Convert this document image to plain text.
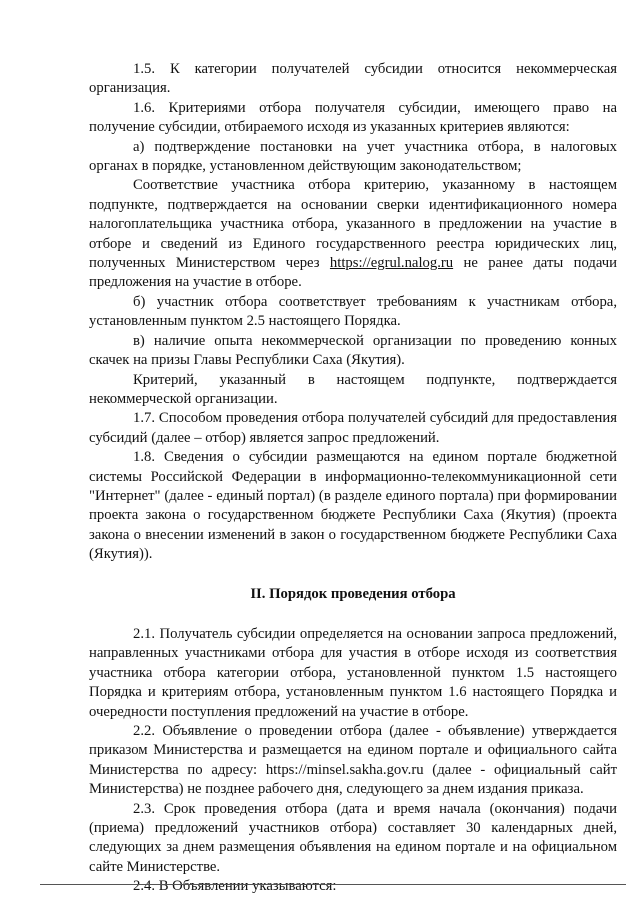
1.5. К категории получателей субсидии относится некоммерческая организация.

1.6. Критериями отбора получателя субсидии, имеющего право на получение субсидии, отбираемого исходя из указанных критериев являются:

а) подтверждение постановки на учет участника отбора, в налоговых органах в порядке, установленном действующим законодательством;

Соответствие участника отбора критерию, указанному в настоящем подпункте, подтверждается на основании сверки идентификационного номера налогоплательщика участника отбора, указанного в предложении на участие в отборе и сведений из Единого государственного реестра юридических лиц, полученных Министерством через https://egrul.nalog.ru не ранее даты подачи предложения на участие в отборе.

б) участник отбора соответствует требованиям к участникам отбора, установленным пунктом 2.5 настоящего Порядка.

в) наличие опыта некоммерческой организации по проведению конных скачек на призы Главы Республики Саха (Якутия).

Критерий, указанный в настоящем подпункте, подтверждается некоммерческой организации.

1.7. Способом проведения отбора получателей субсидий для предоставления субсидий (далее – отбор) является запрос предложений.

1.8. Сведения о субсидии размещаются на едином портале бюджетной системы Российской Федерации в информационно-телекоммуникационной сети "Интернет" (далее - единый портал) (в разделе единого портала) при формировании проекта закона о государственном бюджете Республики Саха (Якутия) (проекта закона о внесении изменений в закон о государственном бюджете Республики Саха (Якутия)).

II. Порядок проведения отбора

2.1. Получатель субсидии определяется на основании запроса предложений, направленных участниками отбора для участия в отборе исходя из соответствия участника отбора категории отбора, установленной пунктом 1.5 настоящего Порядка и критериям отбора, установленным пунктом 1.6 настоящего Порядка и очередности поступления предложений на участие в отборе.

2.2. Объявление о проведении отбора (далее - объявление) утверждается приказом Министерства и размещается на едином портале и официального сайта Министерства по адресу: https://minsel.sakha.gov.ru (далее - официальный сайт Министерства) не позднее рабочего дня, следующего за днем издания приказа.

2.3. Срок проведения отбора (дата и время начала (окончания) подачи (приема) предложений участников отбора) составляет 30 календарных дней, следующих за днем размещения объявления на едином портале и на официальном сайте Министерстве.

2.4. В Объявлении указываются:
